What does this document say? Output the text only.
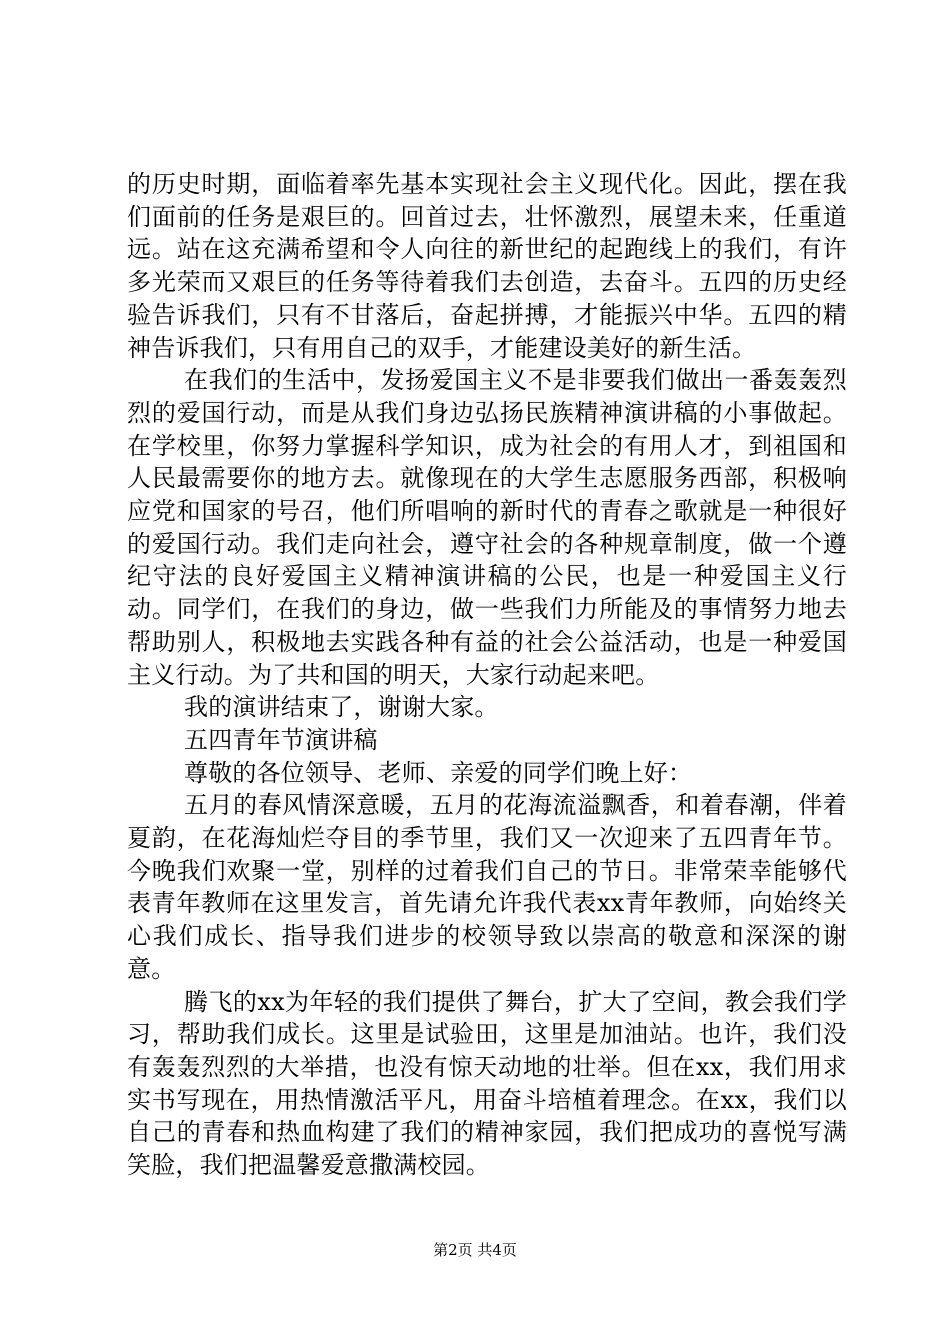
的历史时期，面临着率先基本实现社会主义现代化。因此，摆在我们面前的任务是艰巨的。回首过去，壮怀激烈，展望未来，任重道远。站在这充满希望和令人向往的新世纪的起跑线上的我们，有许多光荣而又艰巨的任务等待着我们去创造，去奋斗。五四的历史经验告诉我们，只有不甘落后，奋起拼搏，才能振兴中华。五四的精神告诉我们，只有用自己的双手，才能建设美好的新生活。

在我们的生活中，发扬爱国主义不是非要我们做出一番轰轰烈烈的爱国行动，而是从我们身边弘扬民族精神演讲稿的小事做起。在学校里，你努力掌握科学知识，成为社会的有用人才，到祖国和人民最需要你的地方去。就像现在的大学生志愿服务西部，积极响应党和国家的号召，他们所唱响的新时代的青春之歌就是一种很好的爱国行动。我们走向社会，遵守社会的各种规章制度，做一个遵纪守法的良好爱国主义精神演讲稿的公民，也是一种爱国主义行动。同学们，在我们的身边，做一些我们力所能及的事情努力地去帮助别人，积极地去实践各种有益的社会公益活动，也是一种爱国主义行动。为了共和国的明天，大家行动起来吧。

我的演讲结束了，谢谢大家。

五四青年节演讲稿

尊敬的各位领导、老师、亲爱的同学们晚上好：

五月的春风情深意暖，五月的花海流溢飘香，和着春潮，伴着夏韵，在花海灿烂夺目的季节里，我们又一次迎来了五四青年节。今晚我们欢聚一堂，别样的过着我们自己的节日。非常荣幸能够代表青年教师在这里发言，首先请允许我代表xx青年教师，向始终关心我们成长、指导我们进步的校领导致以崇高的敬意和深深的谢意。

腾飞的xx为年轻的我们提供了舞台，扩大了空间，教会我们学习，帮助我们成长。这里是试验田，这里是加油站。也许，我们没有轰轰烈烈的大举措，也没有惊天动地的壮举。但在xx，我们用求实书写现在，用热情激活平凡，用奋斗培植着理念。在xx，我们以自己的青春和热血构建了我们的精神家园，我们把成功的喜悦写满笑脸，我们把温馨爱意撒满校园。

第2页 共4页
